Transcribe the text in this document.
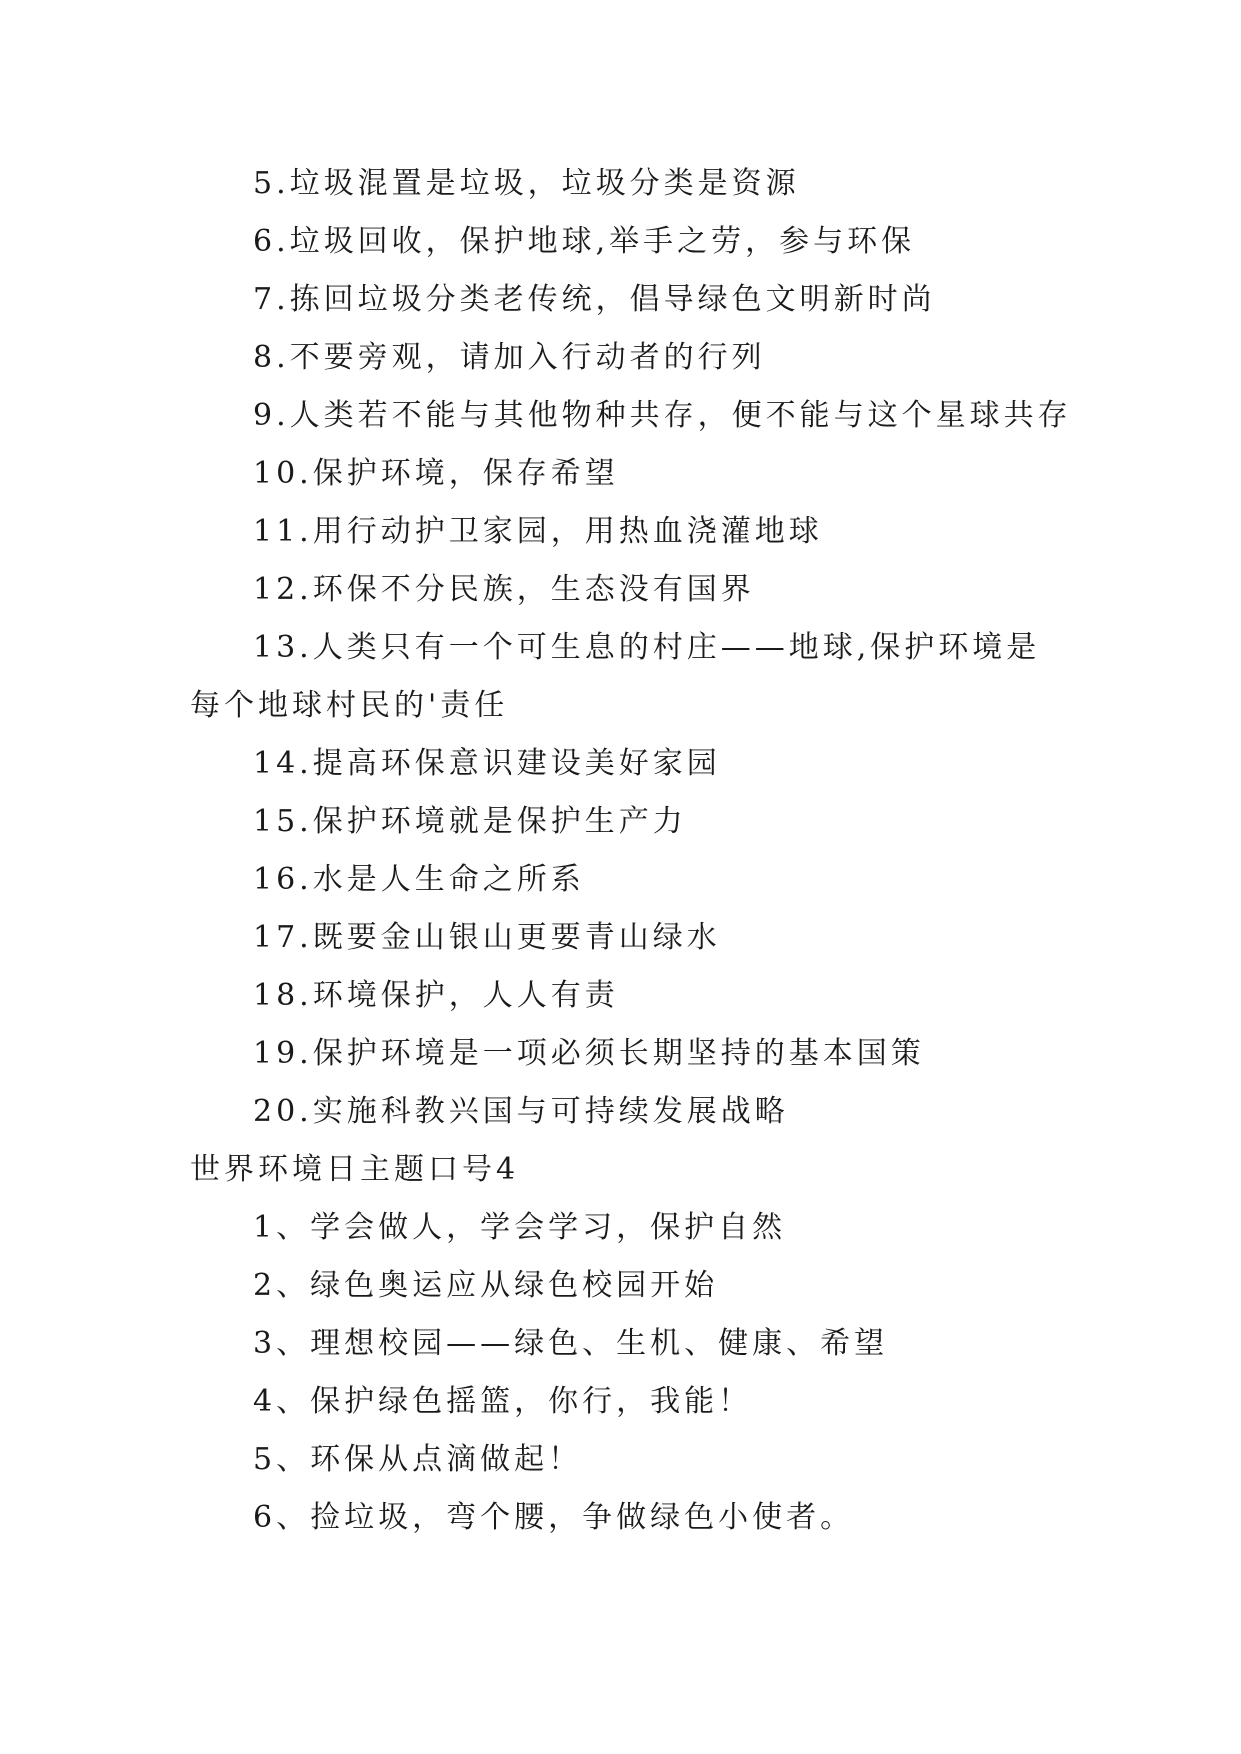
5.垃圾混置是垃圾，垃圾分类是资源
6.垃圾回收，保护地球,举手之劳，参与环保
7.拣回垃圾分类老传统，倡导绿色文明新时尚
8.不要旁观，请加入行动者的行列
9.人类若不能与其他物种共存，便不能与这个星球共存
10.保护环境，保存希望
11.用行动护卫家园，用热血浇灌地球
12.环保不分民族，生态没有国界
13.人类只有一个可生息的村庄——地球,保护环境是
每个地球村民的'责任
14.提高环保意识建设美好家园
15.保护环境就是保护生产力
16.水是人生命之所系
17.既要金山银山更要青山绿水
18.环境保护，人人有责
19.保护环境是一项必须长期坚持的基本国策
20.实施科教兴国与可持续发展战略
世界环境日主题口号4
1、学会做人，学会学习，保护自然
2、绿色奥运应从绿色校园开始
3、理想校园——绿色、生机、健康、希望
4、保护绿色摇篮，你行，我能！
5、环保从点滴做起！
6、捡垃圾，弯个腰，争做绿色小使者。
